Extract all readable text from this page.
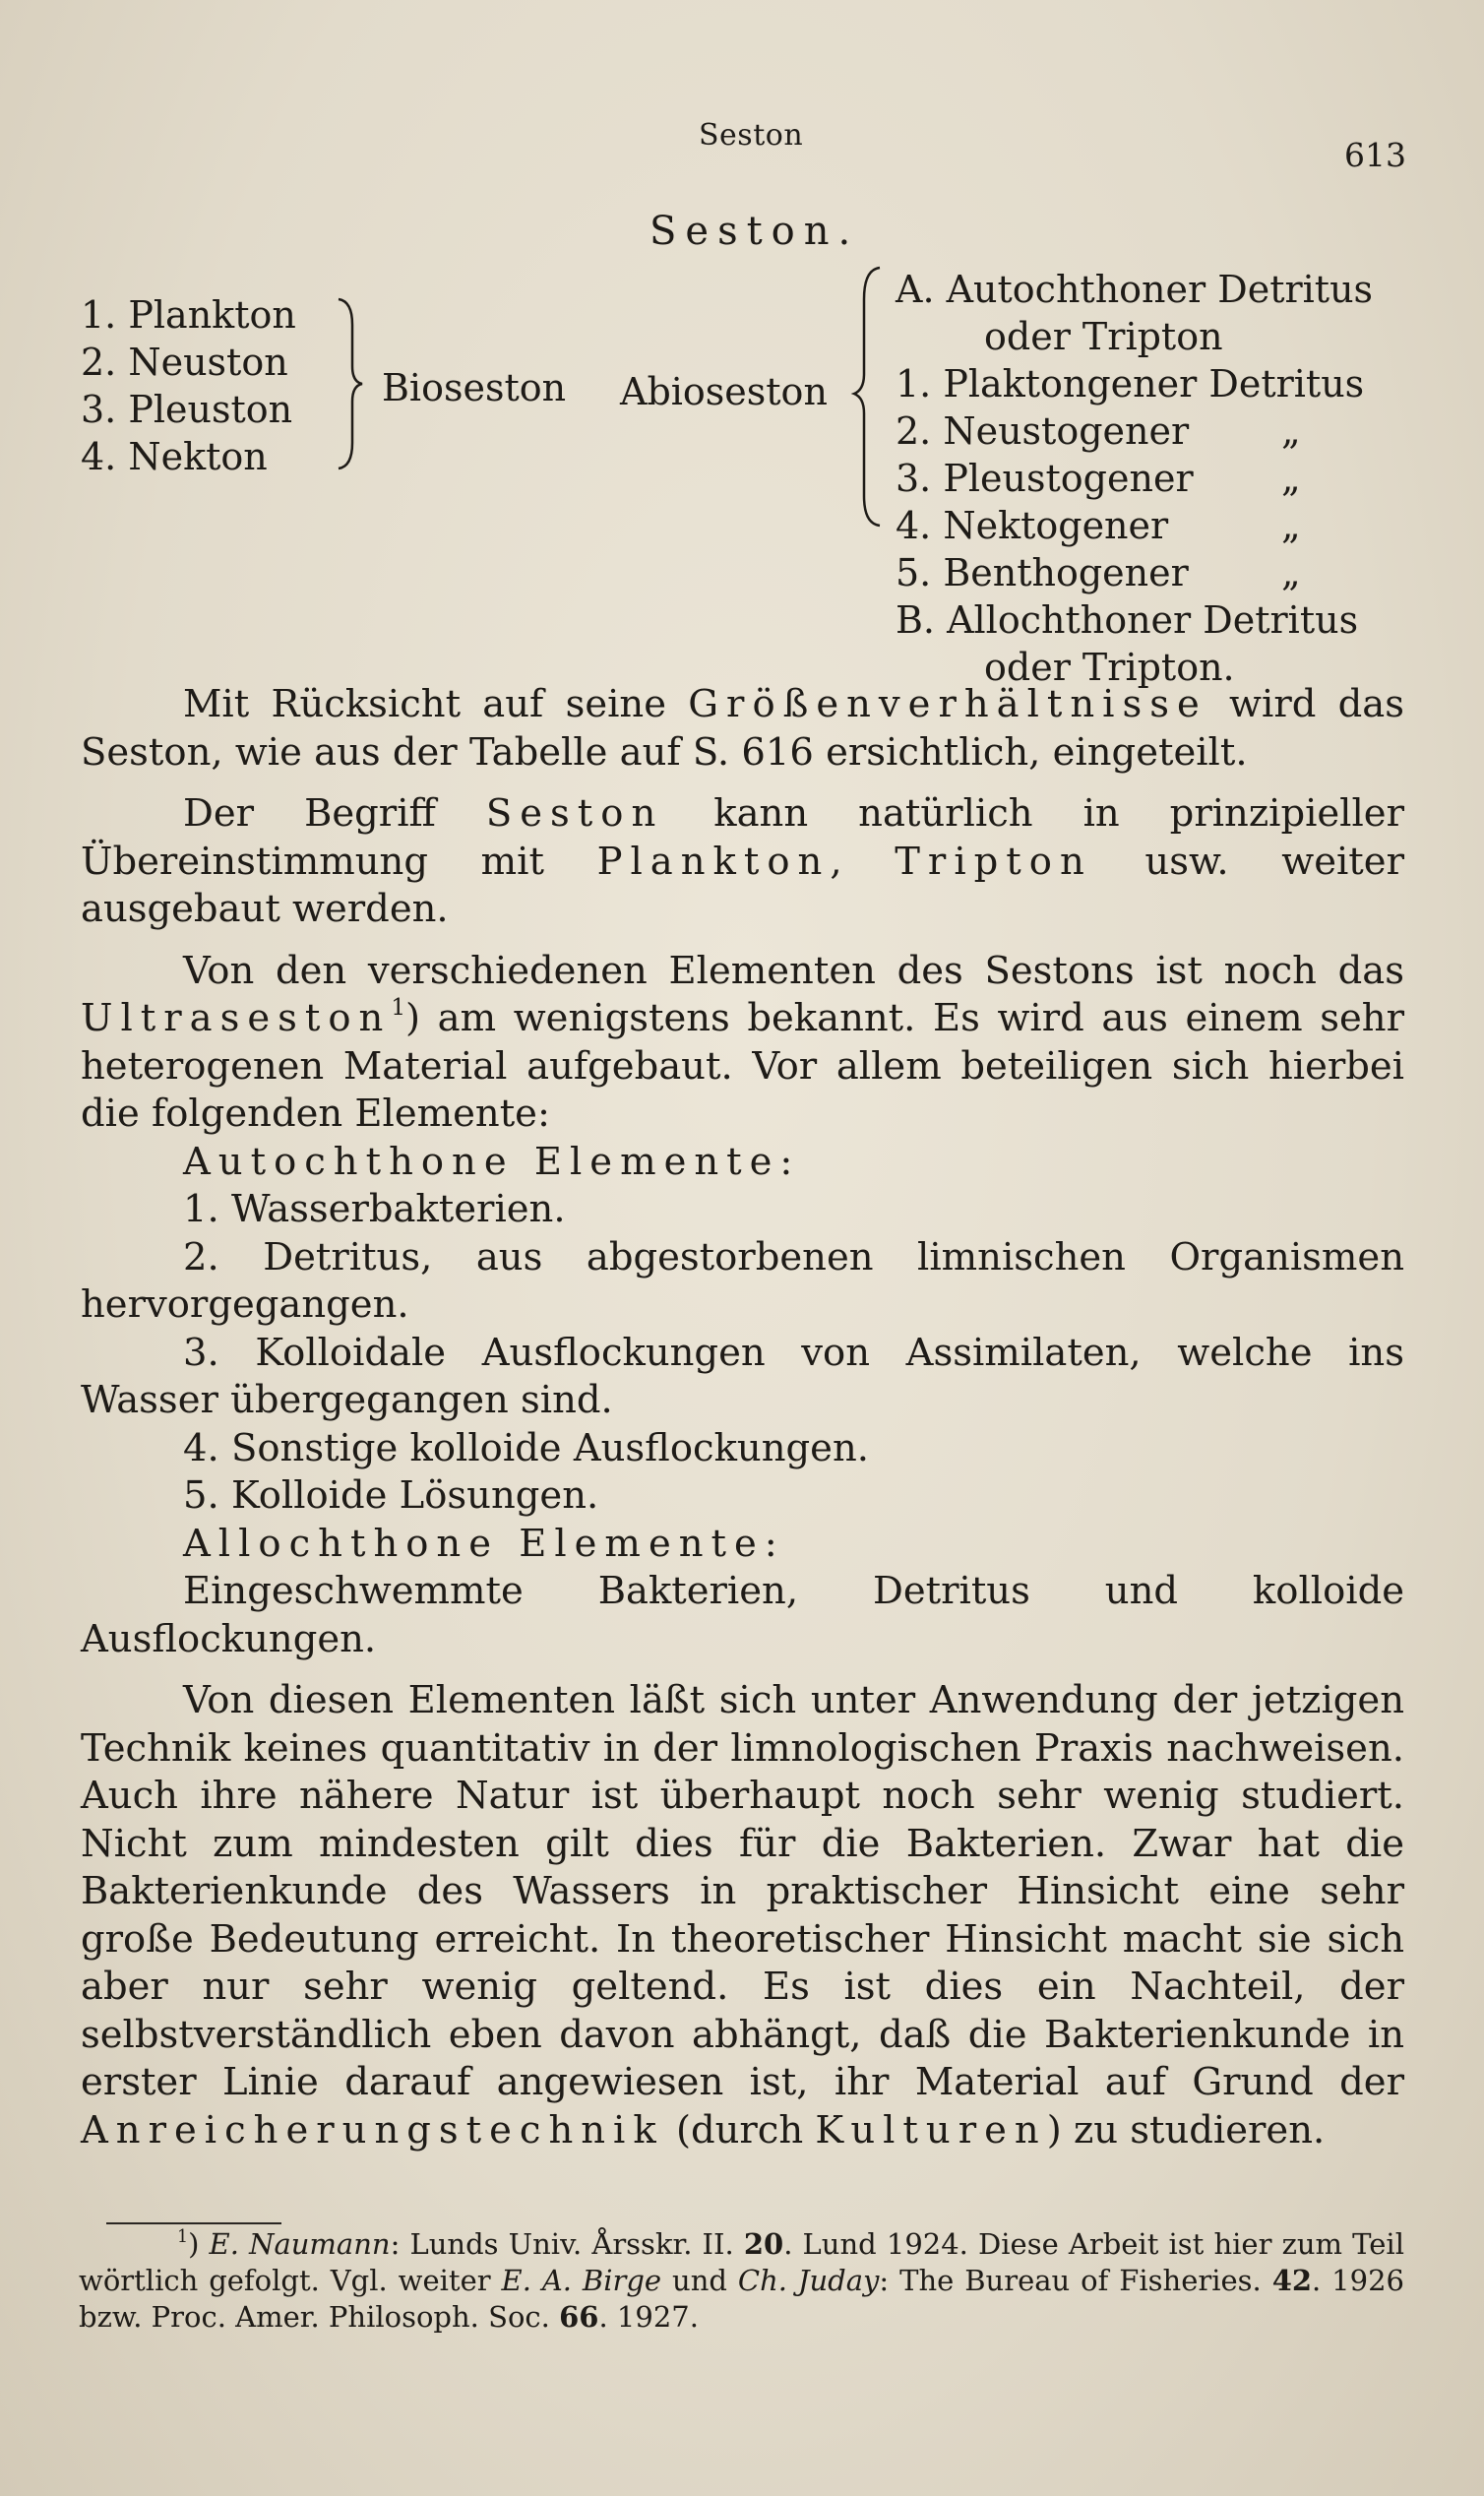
Seston
613
Seston.
1. Plankton
2. Neuston
3. Pleuston
4. Nekton
Bioseston Abioseston
A. Autochthoner Detritus
oder Tripton
1. Plaktongener Detritus
2. Neustogener „
3. Pleustogener „
4. Nektogener	„
5. Benthogener „
B. Allochthoner Detritus
oder Tripton.

Mit Rücksicht auf seine Größenverhältnisse wird das Seston, wie aus der Tabelle auf S. 616 ersichtlich, eingeteilt.

Der Begriff Seston kann natürlich in prinzipieller Übereinstimmung mit Plankton, Tripton usw. weiter ausgebaut werden.

Von den verschiedenen Elementen des Sestons ist noch das Ultraseston$^1$) am wenigstens bekannt. Es wird aus einem sehr heterogenen Material aufgebaut. Vor allem beteiligen sich hierbei die folgenden Elemente:

Autochthone Elemente:

1. Wasserbakterien.

2. Detritus, aus abgestorbenen limnischen Organismen hervorgegangen.

3. Kolloidale Ausflockungen von Assimilaten, welche ins Wasser übergegangen sind.

4. Sonstige kolloide Ausflockungen.

5. Kolloide Lösungen.

Allochthone Elemente:

Eingeschwemmte Bakterien, Detritus und kolloide Ausflockungen.

Von diesen Elementen läßt sich unter Anwendung der jetzigen Technik keines quantitativ in der limnologischen Praxis nachweisen. Auch ihre nähere Natur ist überhaupt noch sehr wenig studiert. Nicht zum mindesten gilt dies für die Bakterien. Zwar hat die Bakterienkunde des Wassers in praktischer Hinsicht eine sehr große Bedeutung erreicht. In theoretischer Hinsicht macht sie sich aber nur sehr wenig geltend. Es ist dies ein Nachteil, der selbstverständlich eben davon abhängt, daß die Bakterienkunde in erster Linie darauf angewiesen ist, ihr Material auf Grund der Anreicherungstechnik (durch Kulturen) zu studieren.

$^1$) E. Naumann: Lunds Univ. Årsskr. II. 20. Lund 1924. Diese Arbeit ist hier zum Teil wörtlich gefolgt. Vgl. weiter E. A. Birge und Ch. Juday: The Bureau of Fisheries. 42. 1926 bzw. Proc. Amer. Philosoph. Soc. 66. 1927.
